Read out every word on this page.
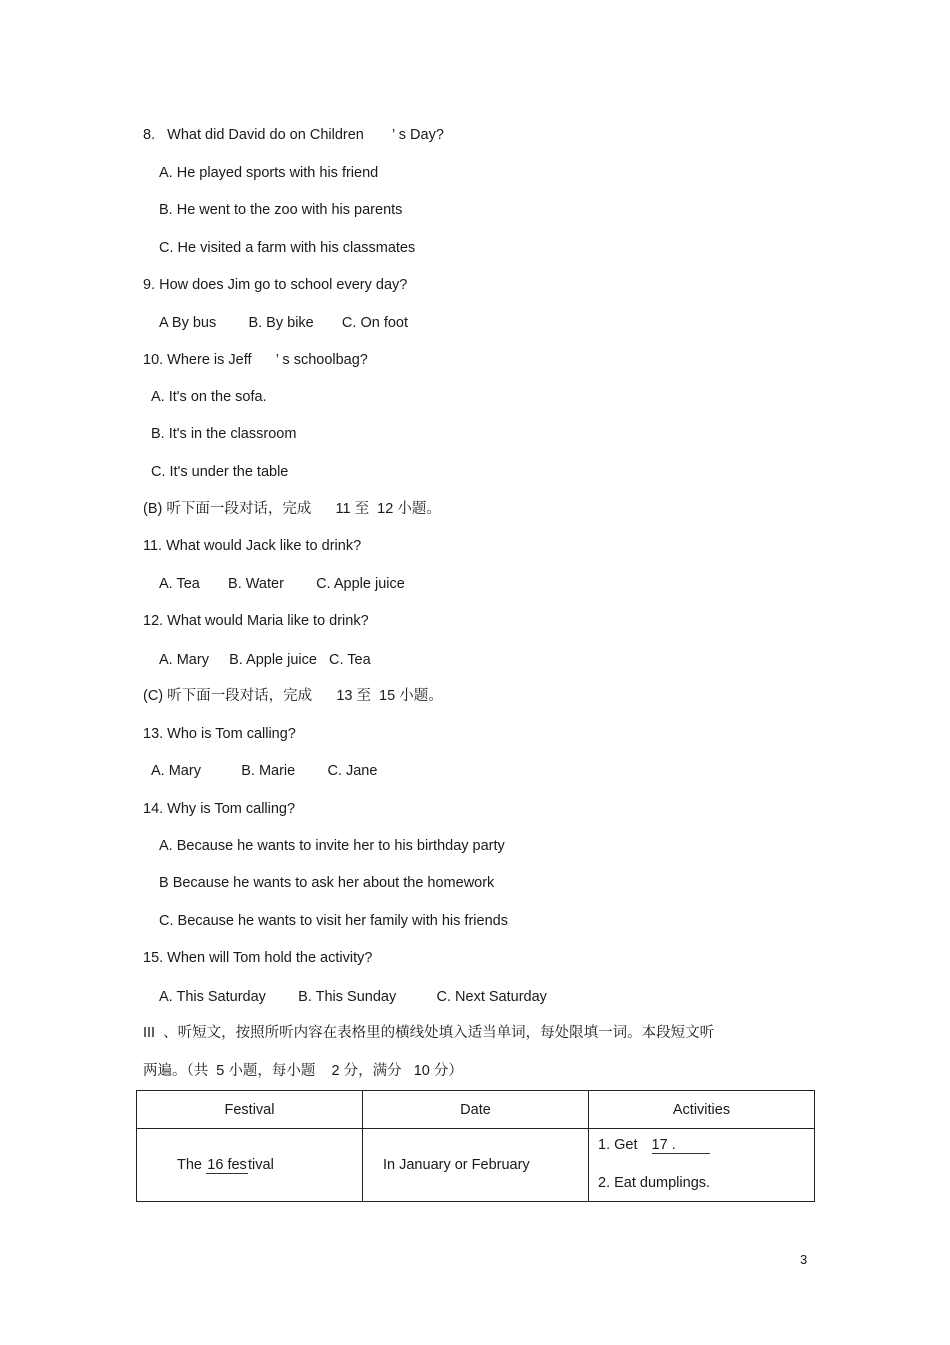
8.   What did David do on Children       ’ s Day?
A. He played sports with his friend
B. He went to the zoo with his parents
C. He visited a farm with his classmates
9. How does Jim go to school every day?
A By bus        B. By bike       C. On foot
10. Where is Jeff      ’ s schoolbag?
A. It's on the sofa.
B. It's in the classroom
C. It's under the table
(B) 听下面一段对话，完成      11 至  12 小题。
11. What would Jack like to drink?
A. Tea       B. Water        C. Apple juice
12. What would Maria like to drink?
A. Mary     B. Apple juice   C. Tea
(C) 听下面一段对话，完成      13 至  15 小题。
13. Who is Tom calling?
A. Mary          B. Marie        C. Jane
14. Why is Tom calling?
A. Because he wants to invite her to his birthday party
B Because he wants to ask her about the homework
C. Because he wants to visit her family with his friends
15. When will Tom hold the activity?
A. This Saturday        B. This Sunday          C. Next Saturday
III  、听短文，按照所听内容在表格里的横线处填入适当单词，每处限填一词。本段短文听
两遍。（共  5 小题，每小题    2 分，满分   10 分）
Festival	Date	Activities
The 16 festival	In January or February	1. Get 17 .
2. Eat dumplings.
3
